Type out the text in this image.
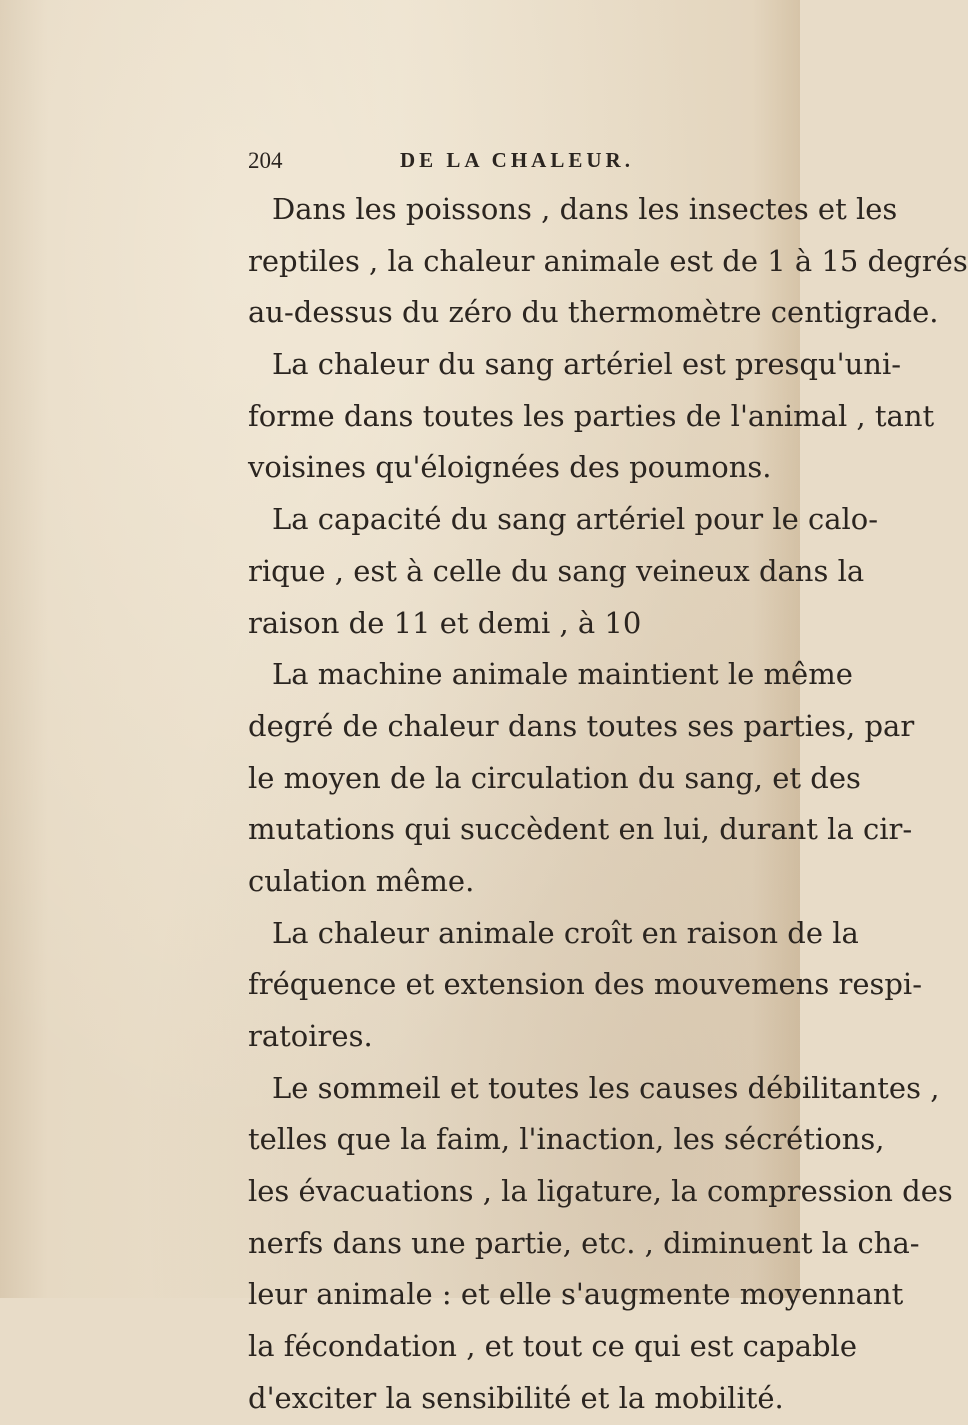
204	DE LA CHALEUR.
Dans les poissons , dans les insectes et les
reptiles , la chaleur animale est de 1 à 15 degrés
au-dessus du zéro du thermomètre centigrade.
La chaleur du sang artériel est presqu'uni-
forme dans toutes les parties de l'animal , tant
voisines qu'éloignées des poumons.
La capacité du sang artériel pour le calo-
rique , est à celle du sang veineux dans la
raison de 11 et demi , à 10
La machine animale maintient le même
degré de chaleur dans toutes ses parties, par
le moyen de la circulation du sang, et des
mutations qui succèdent en lui, durant la cir-
culation même.
La chaleur animale croît en raison de la
fréquence et extension des mouvemens respi-
ratoires.
Le sommeil et toutes les causes débilitantes ,
telles que la faim, l'inaction, les sécrétions,
les évacuations , la ligature, la compression des
nerfs dans une partie, etc. , diminuent la cha-
leur animale : et elle s'augmente moyennant
la fécondation , et tout ce qui est capable
d'exciter la sensibilité et la mobilité.
